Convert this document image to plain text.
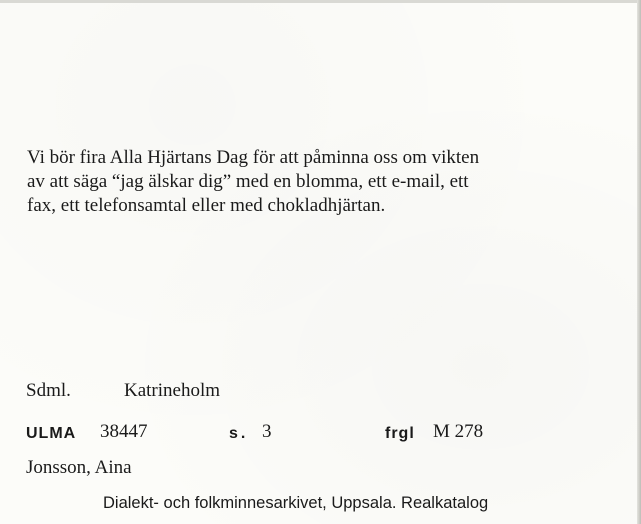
Vi bör fira Alla Hjärtans Dag för att påminna oss om vikten
av att säga “jag älskar dig” med en blomma, ett e-mail, ett
fax, ett telefonsamtal eller med chokladhjärtan.

Sdml.	Katrineholm
ULMA 38447	s. 3	frgl M 278
Jonsson, Aina
Dialekt- och folkminnesarkivet, Uppsala. Realkatalog
